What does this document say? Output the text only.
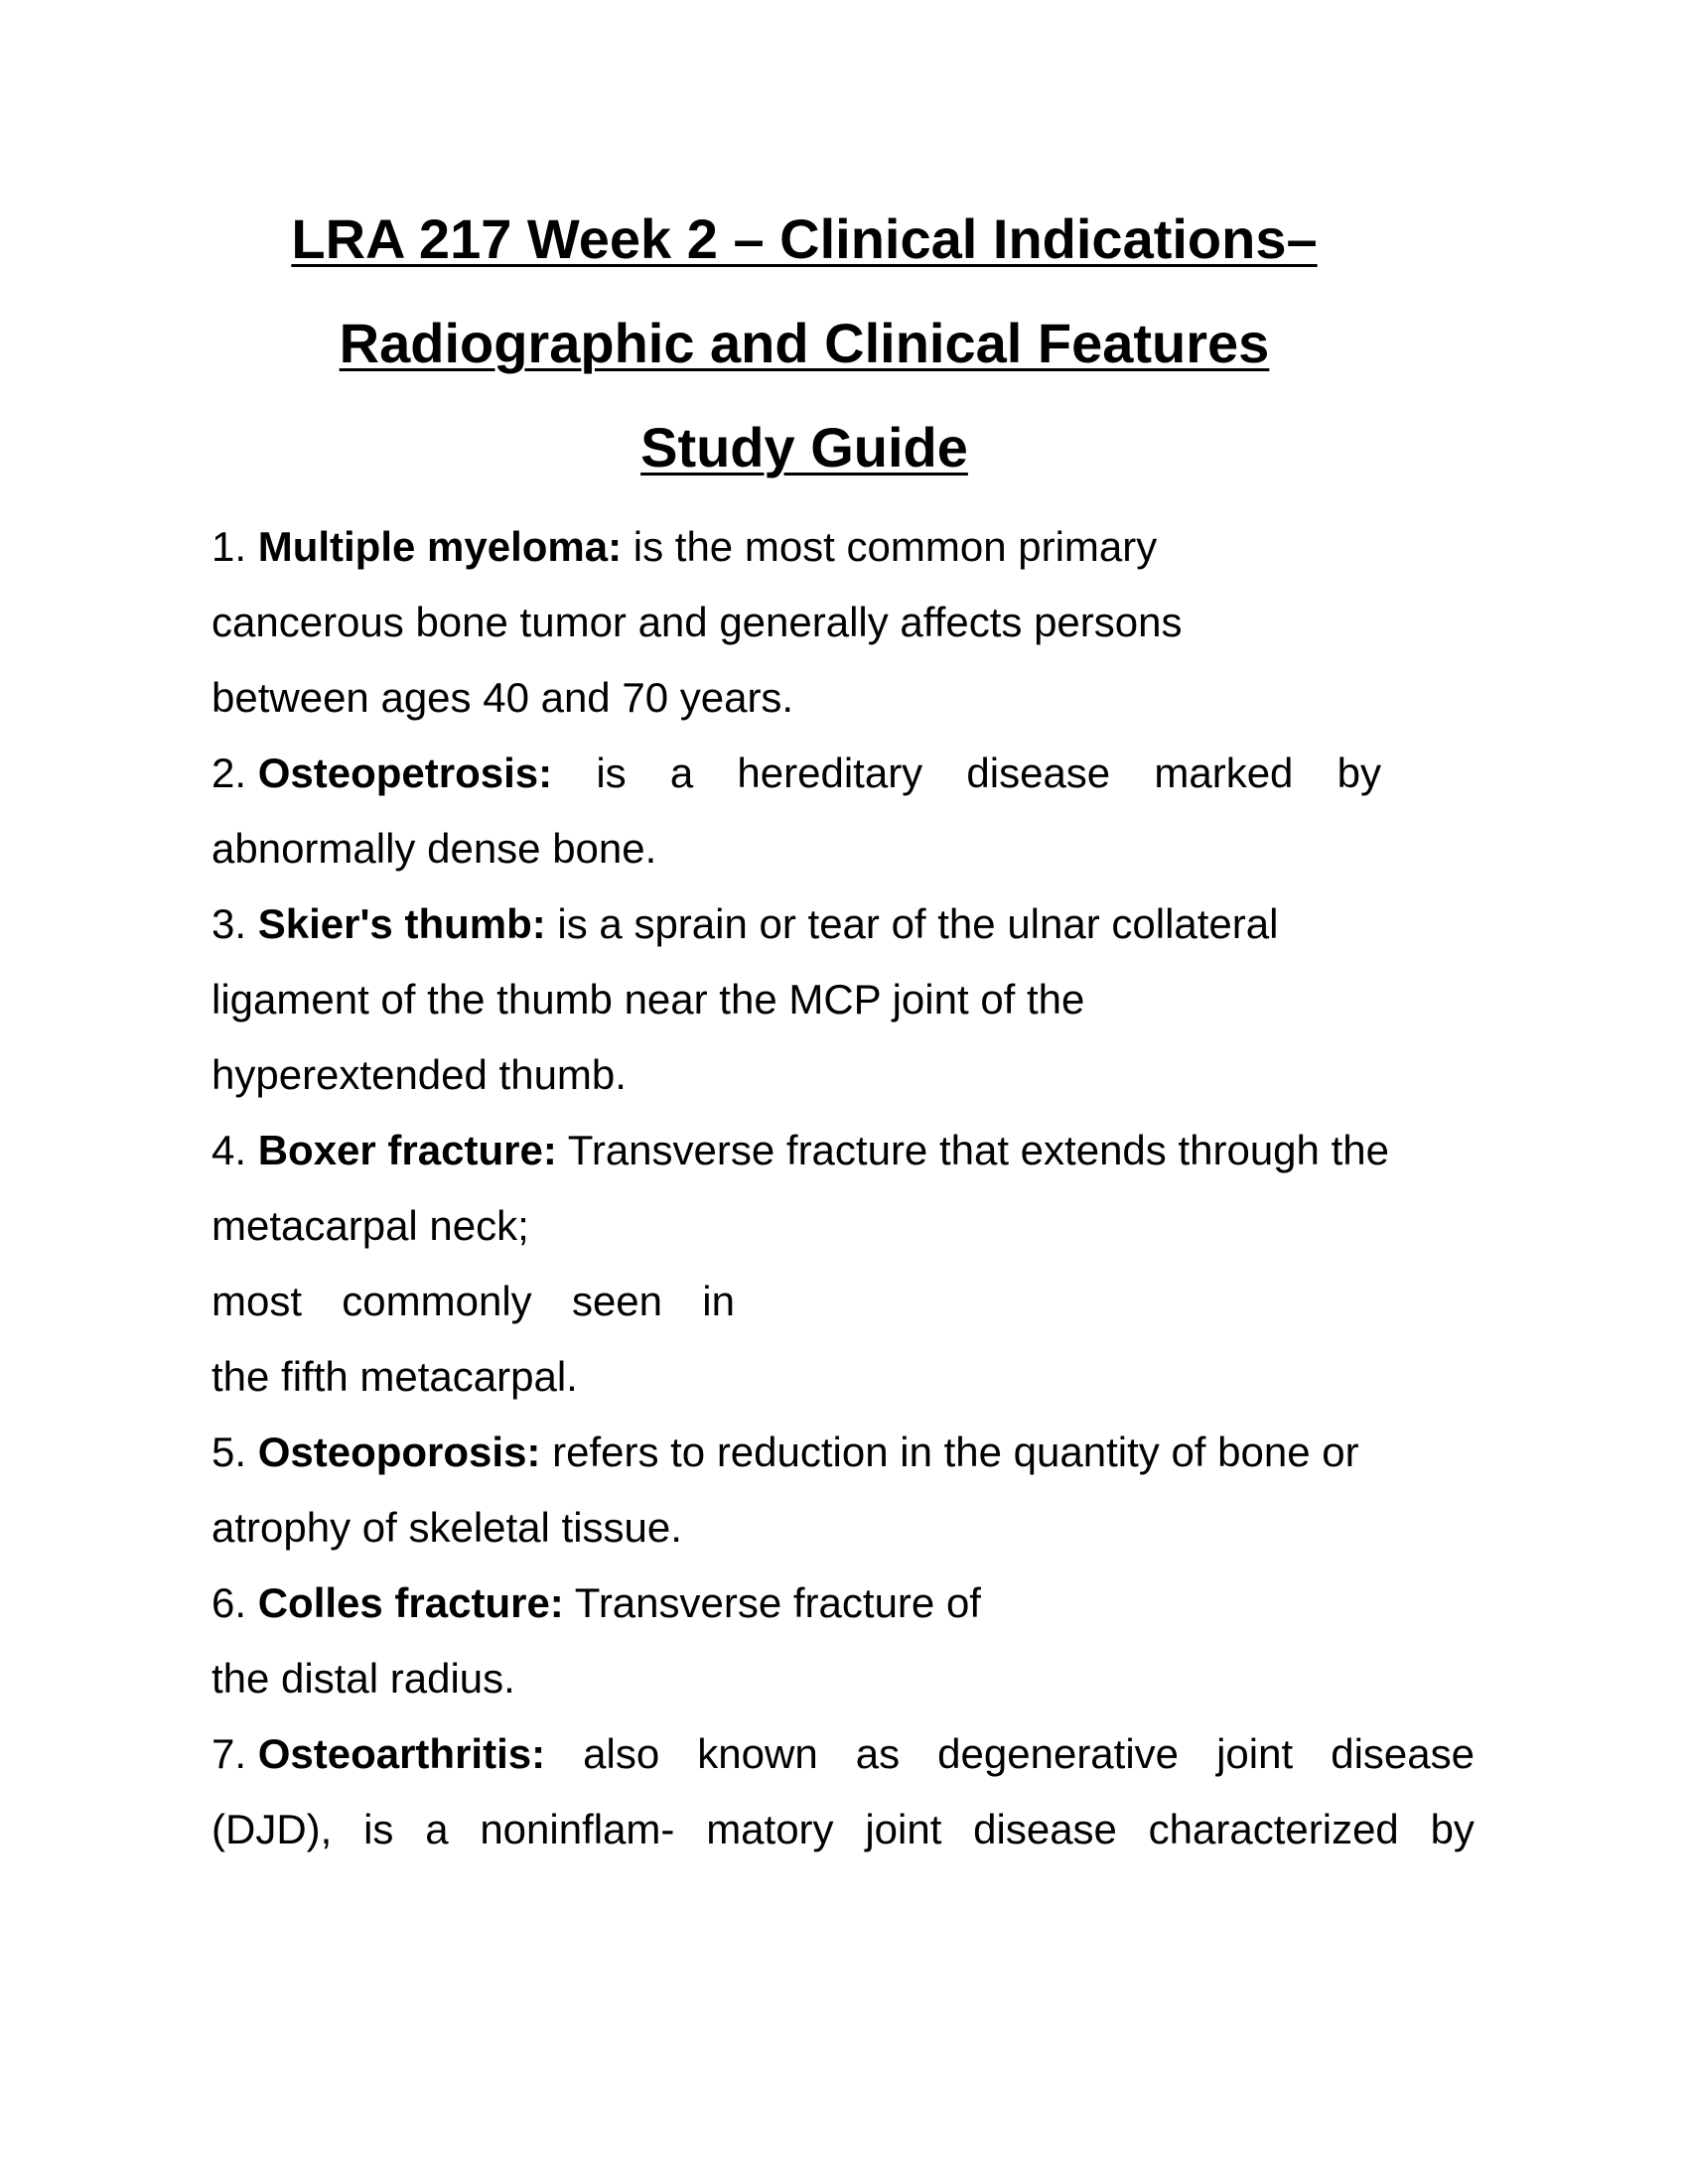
LRA 217 Week 2 – Clinical Indications–
Radiographic and Clinical Features
Study Guide
1. Multiple myeloma: is the most common primary
cancerous bone tumor and generally affects persons
between ages 40 and 70 years.
2. Osteopetrosis: is a hereditary disease marked by
abnormally dense bone.
3. Skier's thumb: is a sprain or tear of the ulnar collateral
ligament of the thumb near the MCP joint of the
hyperextended thumb.
4. Boxer fracture: Transverse fracture that extends through the
metacarpal neck;
most commonly seen in
the fifth metacarpal.
5. Osteoporosis: refers to reduction in the quantity of bone or
atrophy of skeletal tissue.
6. Colles fracture: Transverse fracture of
the distal radius.
7. Osteoarthritis: also known as degenerative joint disease
(DJD), is a noninflam- matory joint disease characterized by
